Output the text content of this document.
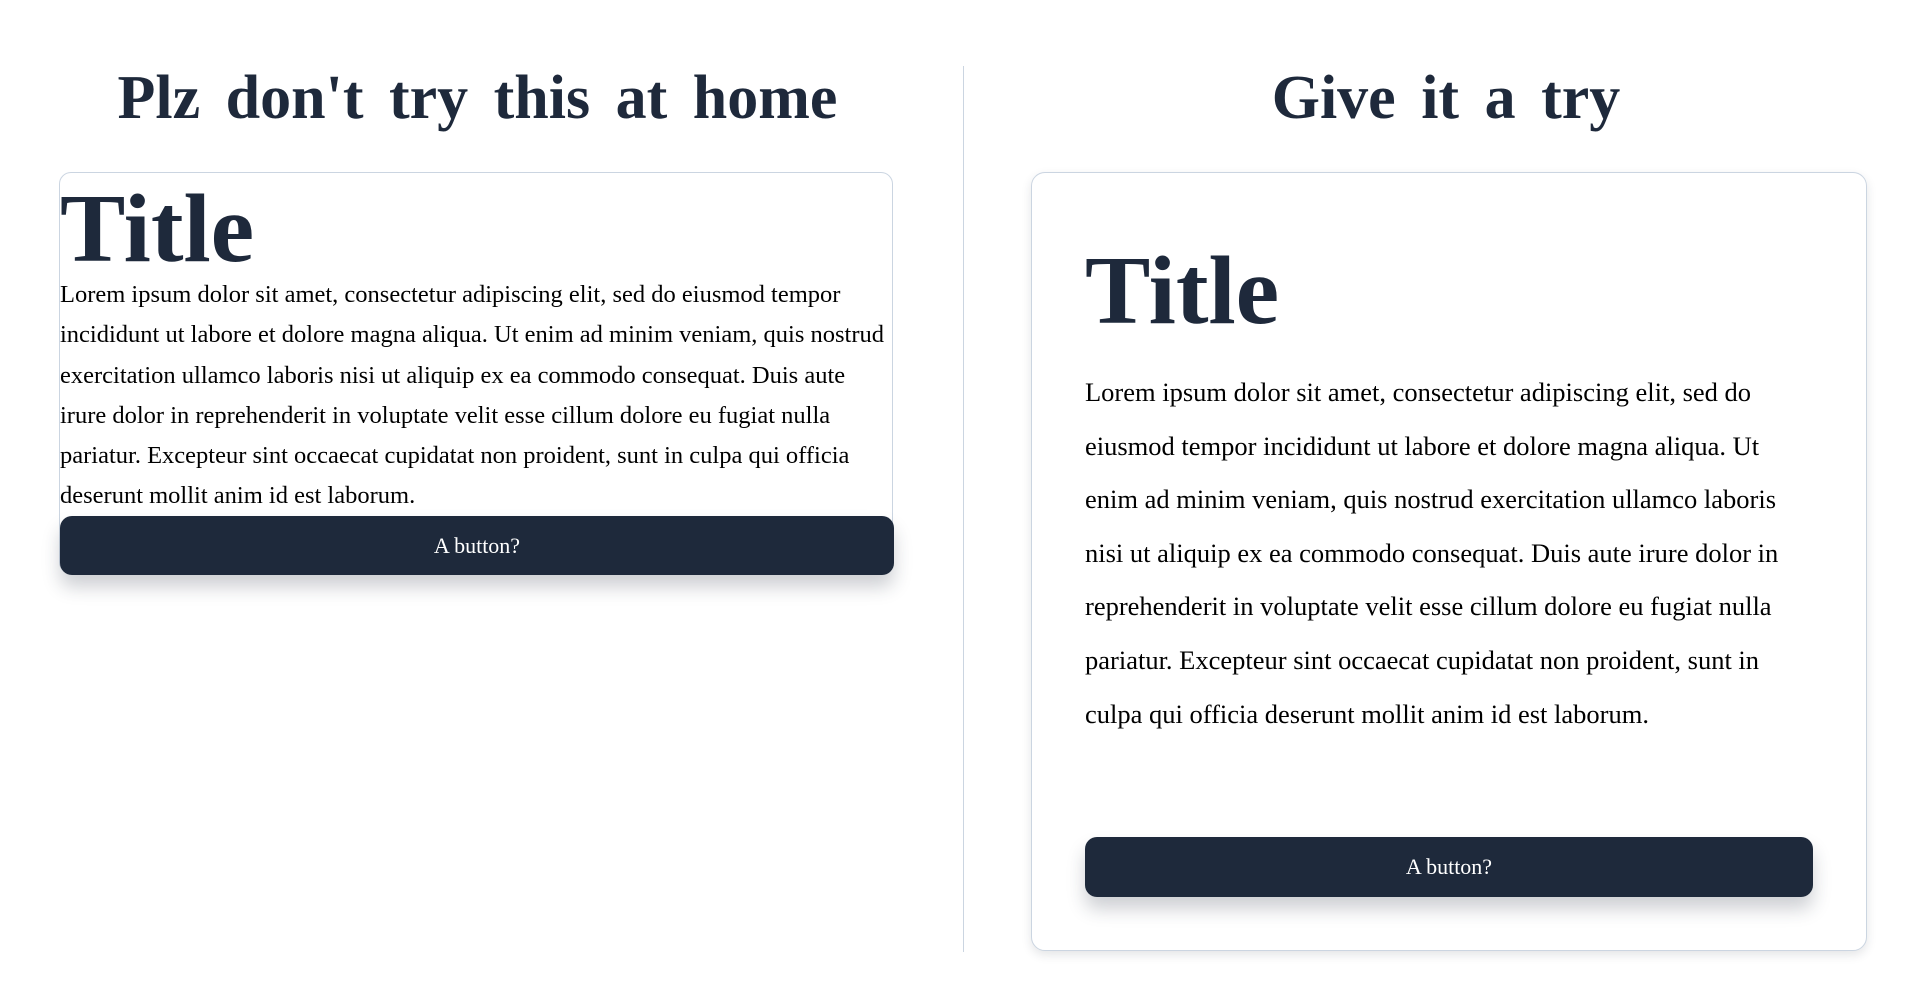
Plz don't try this at home	Give it a try
Title

Lorem ipsum dolor sit amet, consectetur adipiscing elit, sed do eiusmod tempor incididunt ut labore et dolore magna aliqua. Ut enim ad minim veniam, quis nostrud exercitation ullamco laboris nisi ut aliquip ex ea commodo consequat. Duis aute irure dolor in reprehenderit in voluptate velit esse cillum dolore eu fugiat nulla pariatur. Excepteur sint occaecat cupidatat non proident, sunt in culpa qui officia deserunt mollit anim id est laborum.

A button?
Title

Lorem ipsum dolor sit amet, consectetur adipiscing elit, sed do eiusmod tempor incididunt ut labore et dolore magna aliqua. Ut enim ad minim veniam, quis nostrud exercitation ullamco laboris nisi ut aliquip ex ea commodo consequat. Duis aute irure dolor in reprehenderit in voluptate velit esse cillum dolore eu fugiat nulla pariatur. Excepteur sint occaecat cupidatat non proident, sunt in culpa qui officia deserunt mollit anim id est laborum.

A button?
